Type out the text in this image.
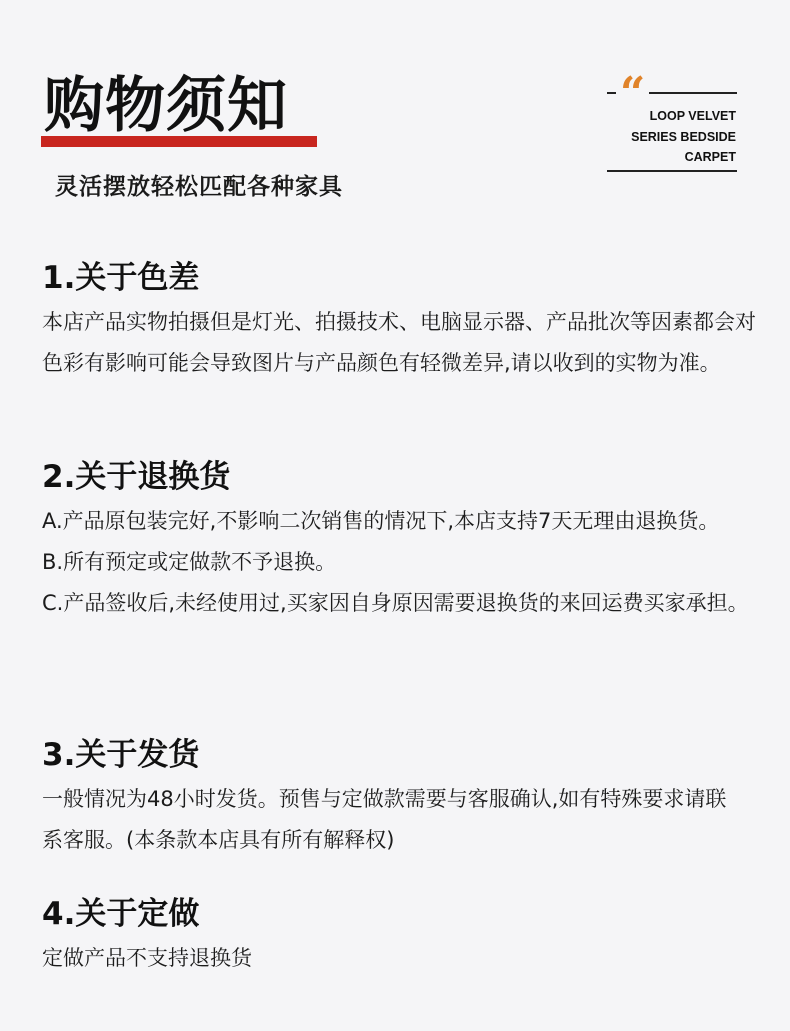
购物须知
灵活摆放轻松匹配各种家具
“ LOOP VELVET
SERIES BEDSIDE
CARPET
1.关于色差

本店产品实物拍摄但是灯光、拍摄技术、电脑显示器、产品批次等因素都会对色彩有影响可能会导致图片与产品颜色有轻微差异,请以收到的实物为准。

2.关于退换货

A.产品原包装完好,不影响二次销售的情况下,本店支持7天无理由退换货。

B.所有预定或定做款不予退换。

C.产品签收后,未经使用过,买家因自身原因需要退换货的来回运费买家承担。

3.关于发货

一般情况为48小时发货。预售与定做款需要与客服确认,如有特殊要求请联系客服。(本条款本店具有所有解释权)

4.关于定做

定做产品不支持退换货
